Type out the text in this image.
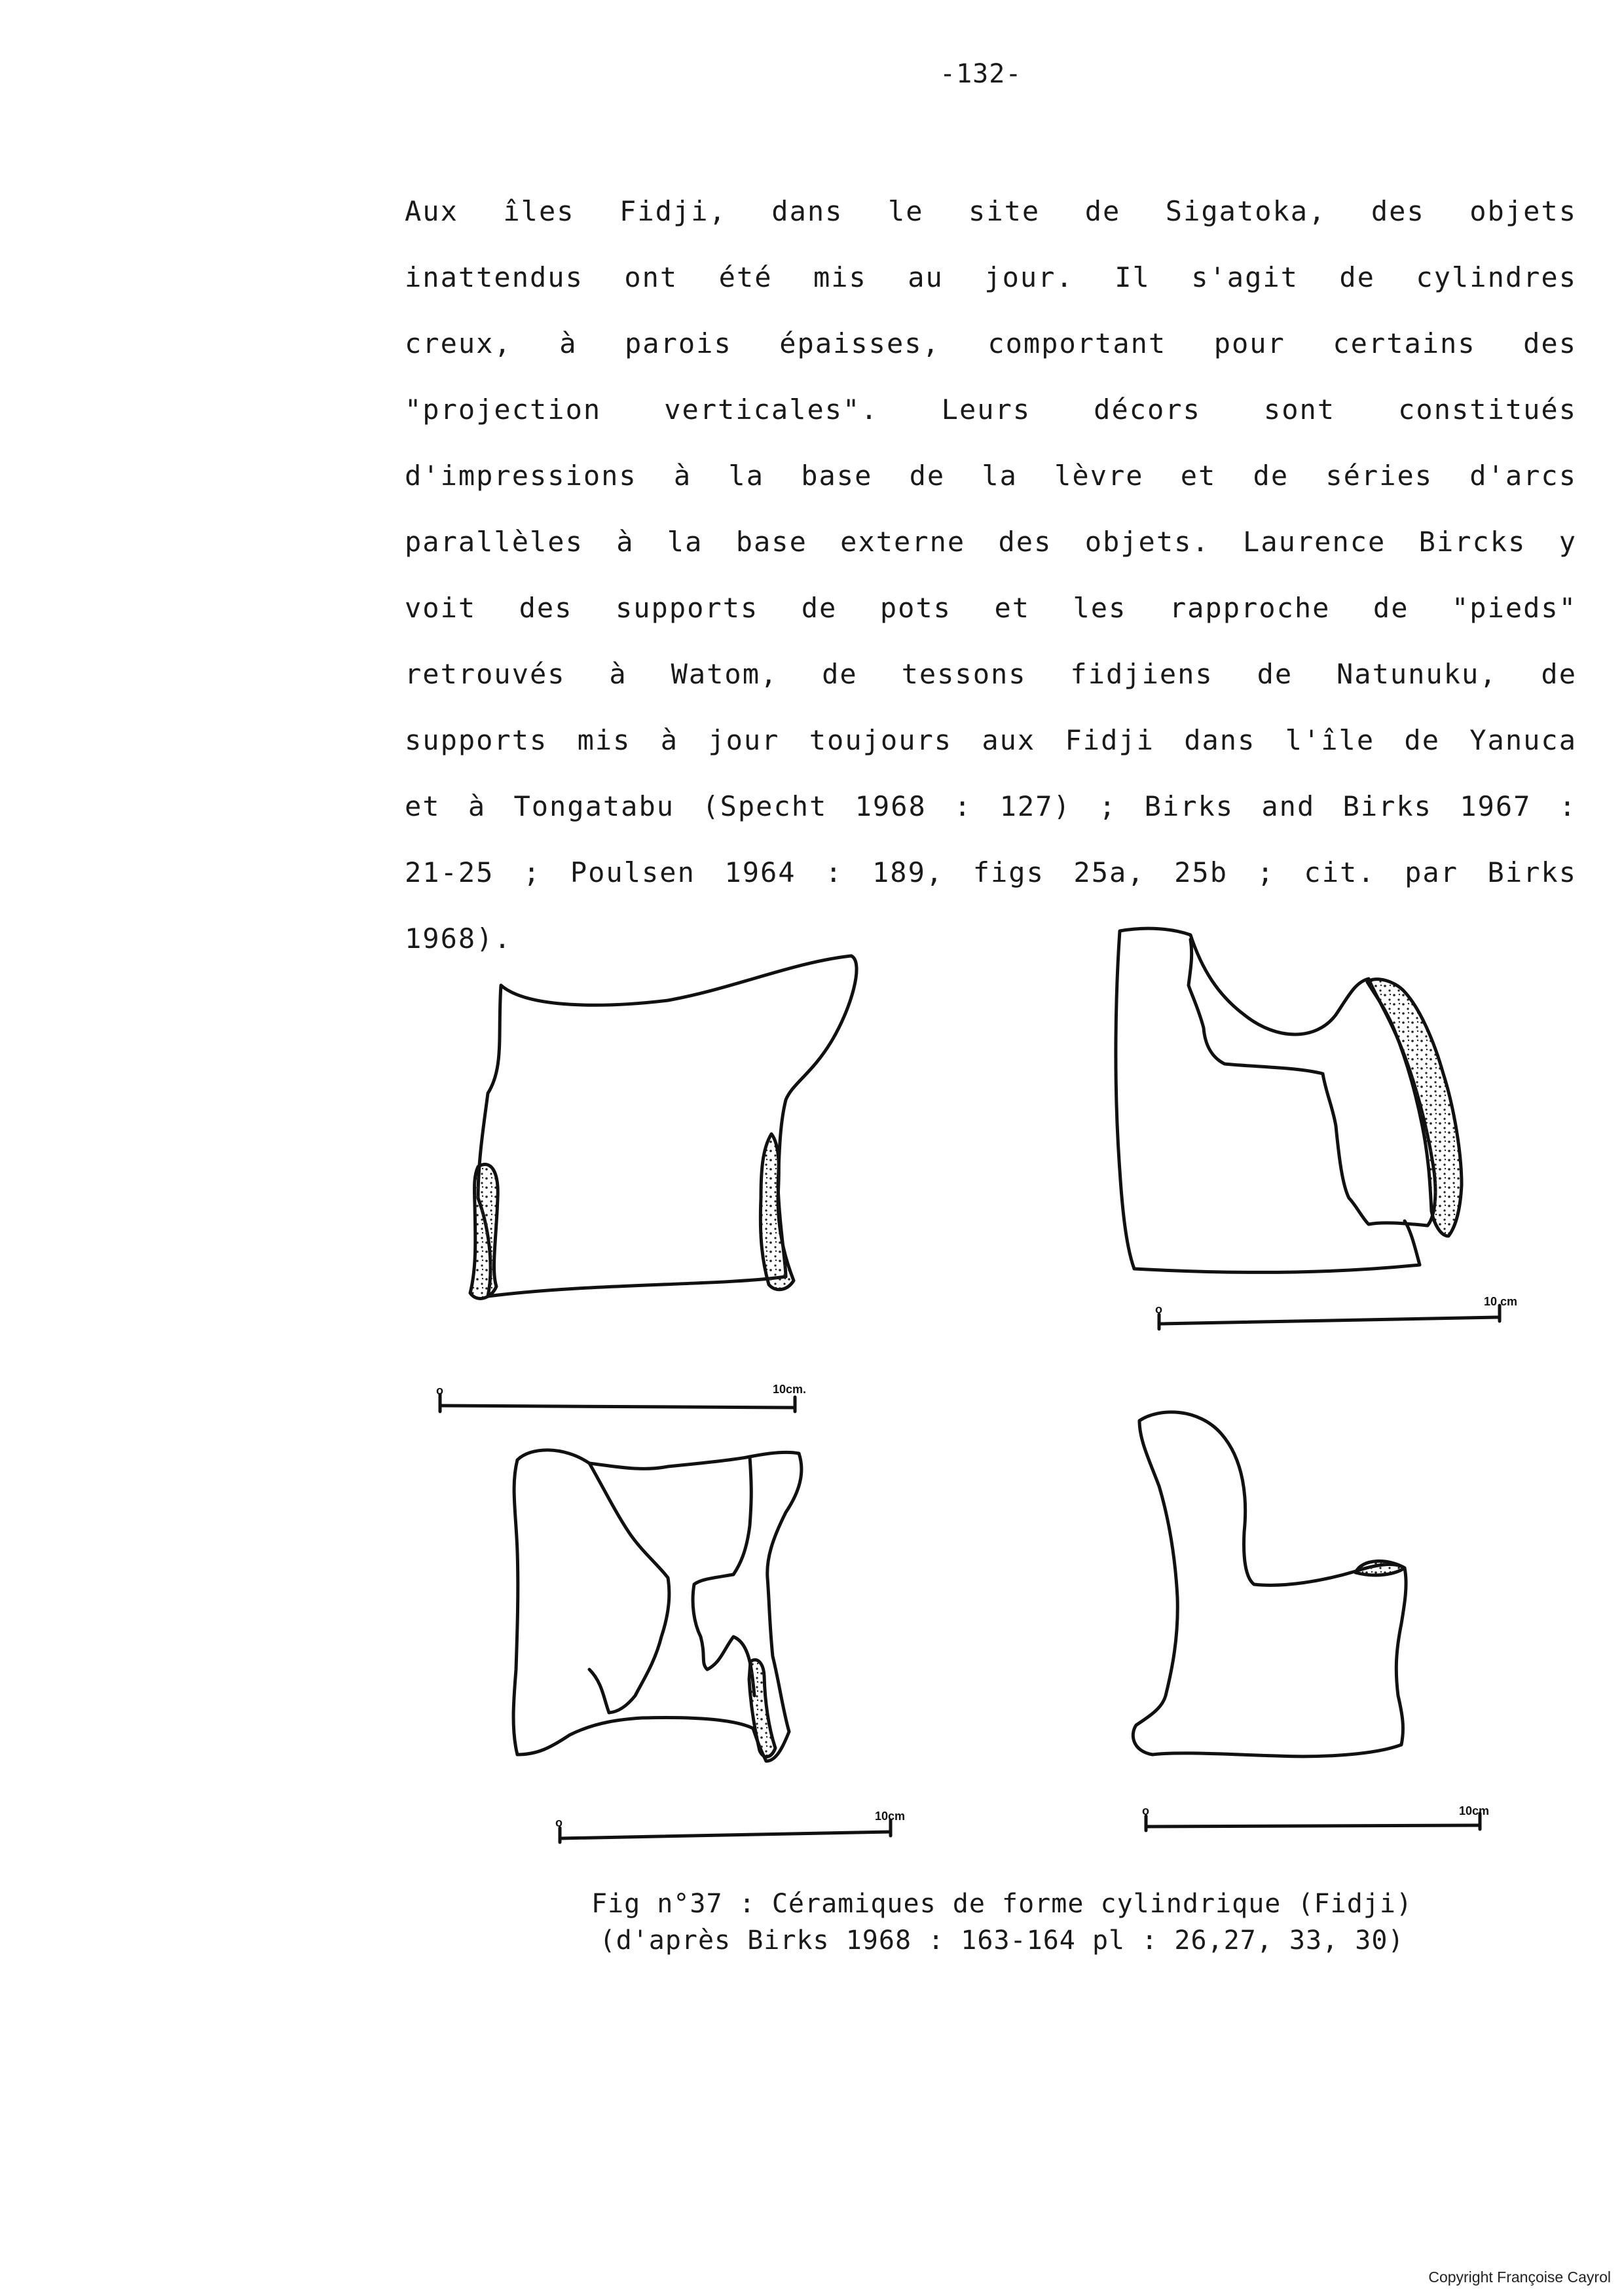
-132-
Aux îles Fidji, dans le site de Sigatoka, des objets
inattendus ont été mis au jour. Il s'agit de cylindres
creux, à parois épaisses, comportant pour certains des
"projection verticales". Leurs décors sont constitués
d'impressions à la base de la lèvre et de séries d'arcs
parallèles à la base externe des objets. Laurence Bircks y
voit des supports de pots et les rapproche de "pieds"
retrouvés à Watom, de tessons fidjiens de Natunuku, de
supports mis à jour toujours aux Fidji dans l'île de Yanuca
et à Tongatabu (Specht 1968 : 127) ; Birks and Birks 1967 :
21-25 ; Poulsen 1964 : 189, figs 25a, 25b ; cit. par Birks
1968).
o	10cm.
o
10 cm
o	10cm	o	10cm
Fig n°37 : Céramiques de forme cylindrique (Fidji)
(d'après Birks 1968 : 163-164 pl : 26,27, 33, 30)
Copyright Françoise Cayrol
